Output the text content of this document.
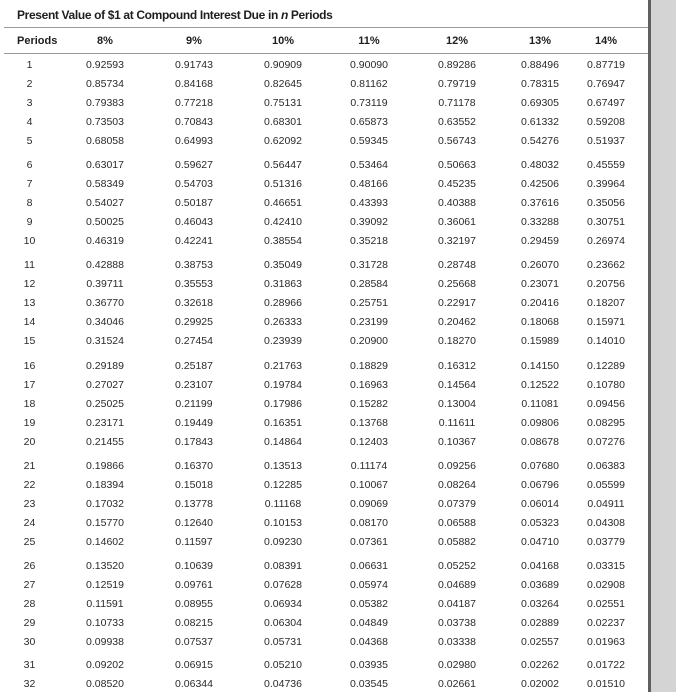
Present Value of $1 at Compound Interest Due in n Periods
Periods	8%	9%	10%	11%	12%	13%	14%
1	0.92593	0.91743	0.90909	0.90090	0.89286	0.88496	0.87719
2	0.85734	0.84168	0.82645	0.81162	0.79719	0.78315	0.76947
3	0.79383	0.77218	0.75131	0.73119	0.71178	0.69305	0.67497
4	0.73503	0.70843	0.68301	0.65873	0.63552	0.61332	0.59208
5	0.68058	0.64993	0.62092	0.59345	0.56743	0.54276	0.51937
6	0.63017	0.59627	0.56447	0.53464	0.50663	0.48032	0.45559
7	0.58349	0.54703	0.51316	0.48166	0.45235	0.42506	0.39964
8	0.54027	0.50187	0.46651	0.43393	0.40388	0.37616	0.35056
9	0.50025	0.46043	0.42410	0.39092	0.36061	0.33288	0.30751
10	0.46319	0.42241	0.38554	0.35218	0.32197	0.29459	0.26974
11	0.42888	0.38753	0.35049	0.31728	0.28748	0.26070	0.23662
12	0.39711	0.35553	0.31863	0.28584	0.25668	0.23071	0.20756
13	0.36770	0.32618	0.28966	0.25751	0.22917	0.20416	0.18207
14	0.34046	0.29925	0.26333	0.23199	0.20462	0.18068	0.15971
15	0.31524	0.27454	0.23939	0.20900	0.18270	0.15989	0.14010
16	0.29189	0.25187	0.21763	0.18829	0.16312	0.14150	0.12289
17	0.27027	0.23107	0.19784	0.16963	0.14564	0.12522	0.10780
18	0.25025	0.21199	0.17986	0.15282	0.13004	0.11081	0.09456
19	0.23171	0.19449	0.16351	0.13768	0.11611	0.09806	0.08295
20	0.21455	0.17843	0.14864	0.12403	0.10367	0.08678	0.07276
21	0.19866	0.16370	0.13513	0.11174	0.09256	0.07680	0.06383
22	0.18394	0.15018	0.12285	0.10067	0.08264	0.06796	0.05599
23	0.17032	0.13778	0.11168	0.09069	0.07379	0.06014	0.04911
24	0.15770	0.12640	0.10153	0.08170	0.06588	0.05323	0.04308
25	0.14602	0.11597	0.09230	0.07361	0.05882	0.04710	0.03779
26	0.13520	0.10639	0.08391	0.06631	0.05252	0.04168	0.03315
27	0.12519	0.09761	0.07628	0.05974	0.04689	0.03689	0.02908
28	0.11591	0.08955	0.06934	0.05382	0.04187	0.03264	0.02551
29	0.10733	0.08215	0.06304	0.04849	0.03738	0.02889	0.02237
30	0.09938	0.07537	0.05731	0.04368	0.03338	0.02557	0.01963
31	0.09202	0.06915	0.05210	0.03935	0.02980	0.02262	0.01722
32	0.08520	0.06344	0.04736	0.03545	0.02661	0.02002	0.01510
